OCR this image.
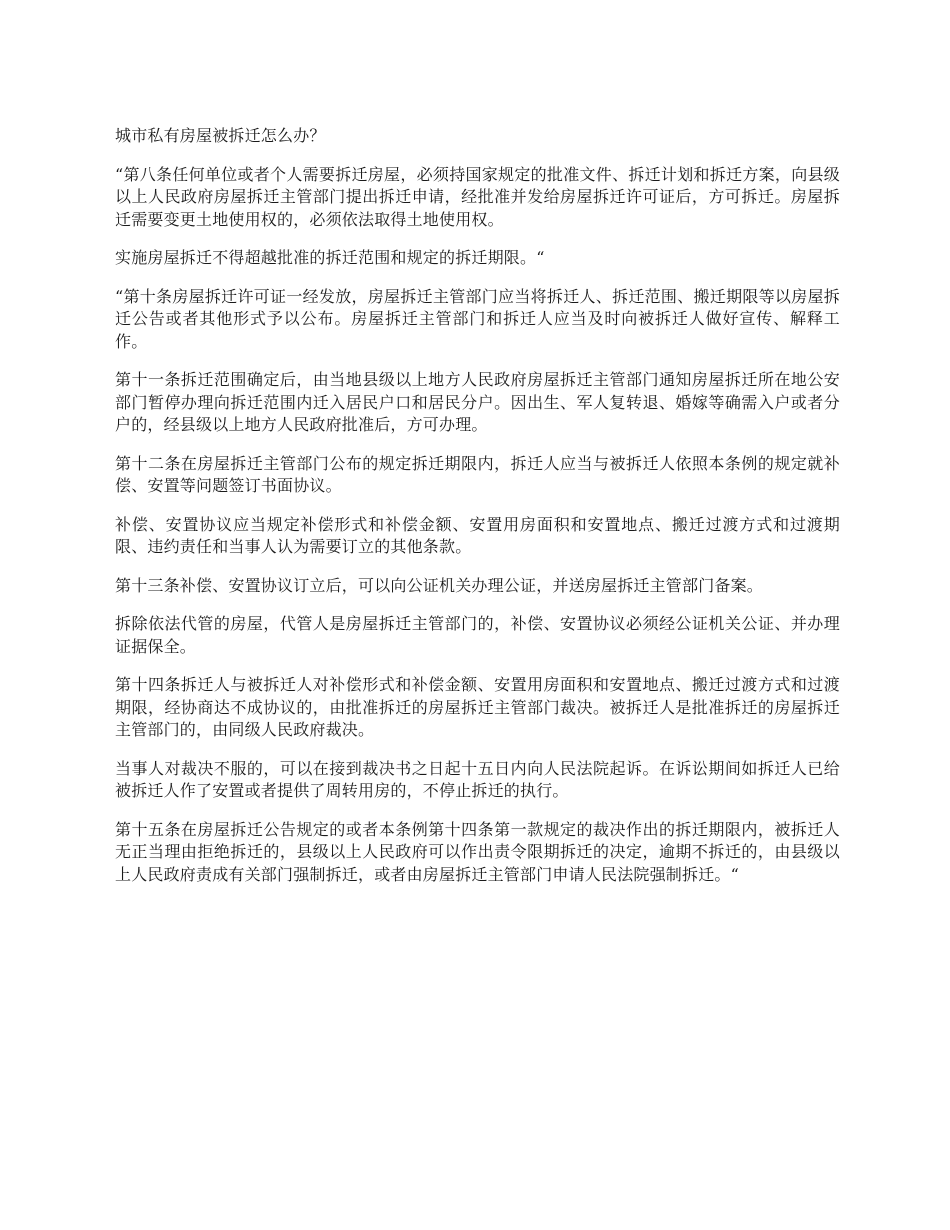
城市私有房屋被拆迁怎么办？

“第八条任何单位或者个人需要拆迁房屋，必须持国家规定的批准文件、拆迁计划和拆迁方案，向县级以上人民政府房屋拆迁主管部门提出拆迁申请，经批准并发给房屋拆迁许可证后，方可拆迁。房屋拆迁需要变更土地使用权的，必须依法取得土地使用权。

实施房屋拆迁不得超越批准的拆迁范围和规定的拆迁期限。“

“第十条房屋拆迁许可证一经发放，房屋拆迁主管部门应当将拆迁人、拆迁范围、搬迁期限等以房屋拆迁公告或者其他形式予以公布。房屋拆迁主管部门和拆迁人应当及时向被拆迁人做好宣传、解释工作。

第十一条拆迁范围确定后，由当地县级以上地方人民政府房屋拆迁主管部门通知房屋拆迁所在地公安部门暂停办理向拆迁范围内迁入居民户口和居民分户。因出生、军人复转退、婚嫁等确需入户或者分户的，经县级以上地方人民政府批准后，方可办理。

第十二条在房屋拆迁主管部门公布的规定拆迁期限内，拆迁人应当与被拆迁人依照本条例的规定就补偿、安置等问题签订书面协议。

补偿、安置协议应当规定补偿形式和补偿金额、安置用房面积和安置地点、搬迁过渡方式和过渡期限、违约责任和当事人认为需要订立的其他条款。

第十三条补偿、安置协议订立后，可以向公证机关办理公证，并送房屋拆迁主管部门备案。

拆除依法代管的房屋，代管人是房屋拆迁主管部门的，补偿、安置协议必须经公证机关公证、并办理证据保全。

第十四条拆迁人与被拆迁人对补偿形式和补偿金额、安置用房面积和安置地点、搬迁过渡方式和过渡期限，经协商达不成协议的，由批准拆迁的房屋拆迁主管部门裁决。被拆迁人是批准拆迁的房屋拆迁主管部门的，由同级人民政府裁决。

当事人对裁决不服的，可以在接到裁决书之日起十五日内向人民法院起诉。在诉讼期间如拆迁人已给被拆迁人作了安置或者提供了周转用房的，不停止拆迁的执行。

第十五条在房屋拆迁公告规定的或者本条例第十四条第一款规定的裁决作出的拆迁期限内，被拆迁人无正当理由拒绝拆迁的，县级以上人民政府可以作出责令限期拆迁的决定，逾期不拆迁的，由县级以上人民政府责成有关部门强制拆迁，或者由房屋拆迁主管部门申请人民法院强制拆迁。“
